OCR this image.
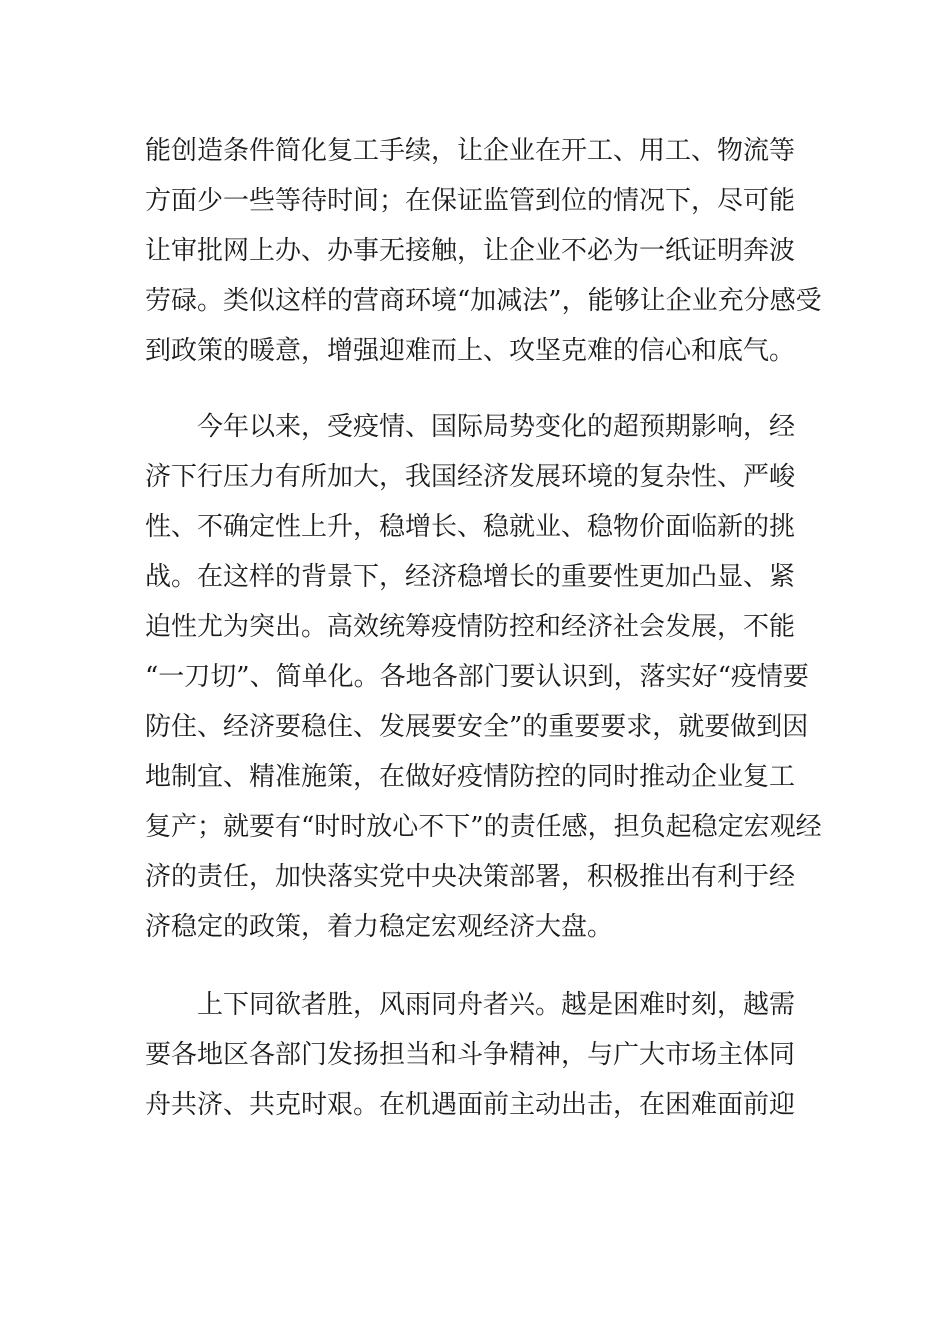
能创造条件简化复工手续，让企业在开工、用工、物流等
方面少一些等待时间；在保证监管到位的情况下，尽可能
让审批网上办、办事无接触，让企业不必为一纸证明奔波
劳碌。类似这样的营商环境“加减法”，能够让企业充分感受
到政策的暖意，增强迎难而上、攻坚克难的信心和底气。
今年以来，受疫情、国际局势变化的超预期影响，经
济下行压力有所加大，我国经济发展环境的复杂性、严峻
性、不确定性上升，稳增长、稳就业、稳物价面临新的挑
战。在这样的背景下，经济稳增长的重要性更加凸显、紧
迫性尤为突出。高效统筹疫情防控和经济社会发展，不能
“一刀切”、简单化。各地各部门要认识到，落实好“疫情要
防住、经济要稳住、发展要安全”的重要要求，就要做到因
地制宜、精准施策，在做好疫情防控的同时推动企业复工
复产；就要有“时时放心不下”的责任感，担负起稳定宏观经
济的责任，加快落实党中央决策部署，积极推出有利于经
济稳定的政策，着力稳定宏观经济大盘。
上下同欲者胜，风雨同舟者兴。越是困难时刻，越需
要各地区各部门发扬担当和斗争精神，与广大市场主体同
舟共济、共克时艰。在机遇面前主动出击，在困难面前迎
